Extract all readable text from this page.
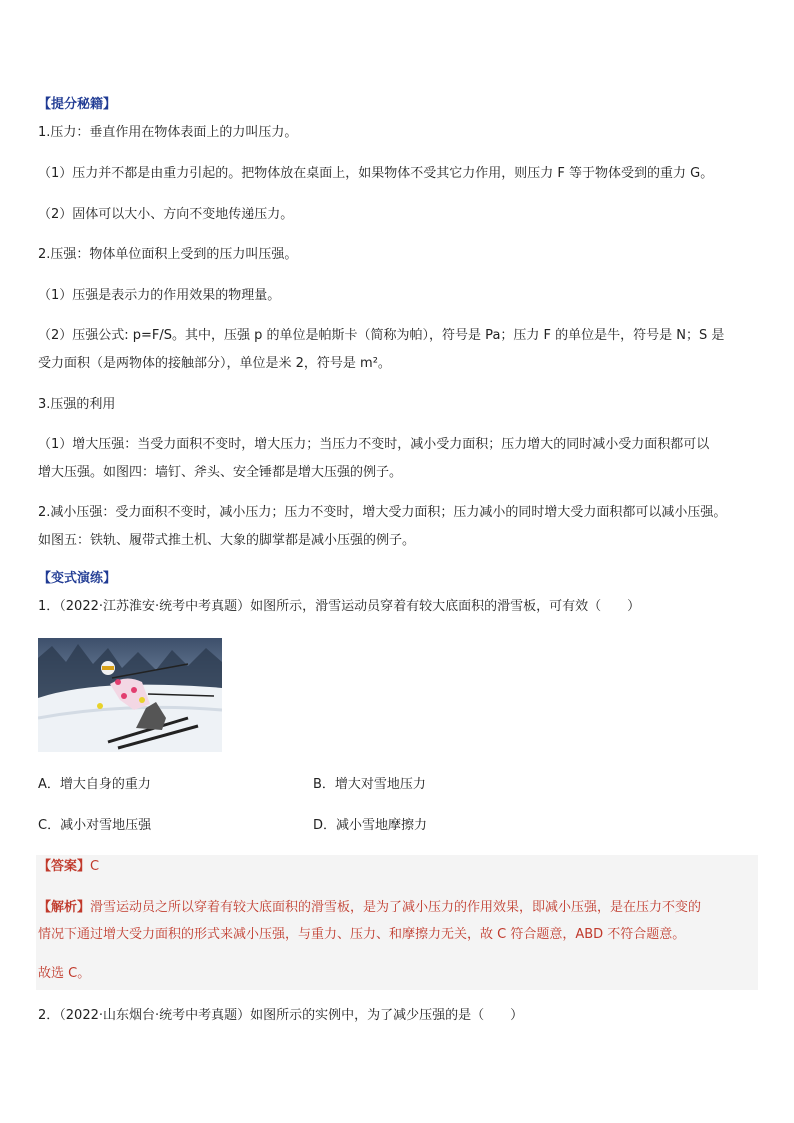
【提分秘籍】
1.压力：垂直作用在物体表面上的力叫压力。
（1）压力并不都是由重力引起的。把物体放在桌面上，如果物体不受其它力作用，则压力 F 等于物体受到的重力 G。
（2）固体可以大小、方向不变地传递压力。
2.压强：物体单位面积上受到的压力叫压强。
（1）压强是表示力的作用效果的物理量。
（2）压强公式: p=F/S。其中，压强 p 的单位是帕斯卡（简称为帕），符号是 Pa；压力 F 的单位是牛，符号是 N；S 是
受力面积（是两物体的接触部分），单位是米 2，符号是 m²。
3.压强的利用
（1）增大压强：当受力面积不变时，增大压力；当压力不变时，减小受力面积；压力增大的同时减小受力面积都可以
增大压强。如图四：墙钉、斧头、安全锤都是增大压强的例子。
2.减小压强：受力面积不变时，减小压力；压力不变时，增大受力面积；压力减小的同时增大受力面积都可以减小压强。
如图五：铁轨、履带式推土机、大象的脚掌都是减小压强的例子。
【变式演练】
1．（2022·江苏淮安·统考中考真题）如图所示，滑雪运动员穿着有较大底面积的滑雪板，可有效（　　）
A．增大自身的重力	B．增大对雪地压力
C．减小对雪地压强	D．减小雪地摩擦力
【答案】C
【解析】滑雪运动员之所以穿着有较大底面积的滑雪板，是为了减小压力的作用效果，即减小压强，是在压力不变的
情况下通过增大受力面积的形式来减小压强，与重力、压力、和摩擦力无关，故 C 符合题意，ABD 不符合题意。
故选 C。
2．（2022·山东烟台·统考中考真题）如图所示的实例中，为了减少压强的是（　　）
